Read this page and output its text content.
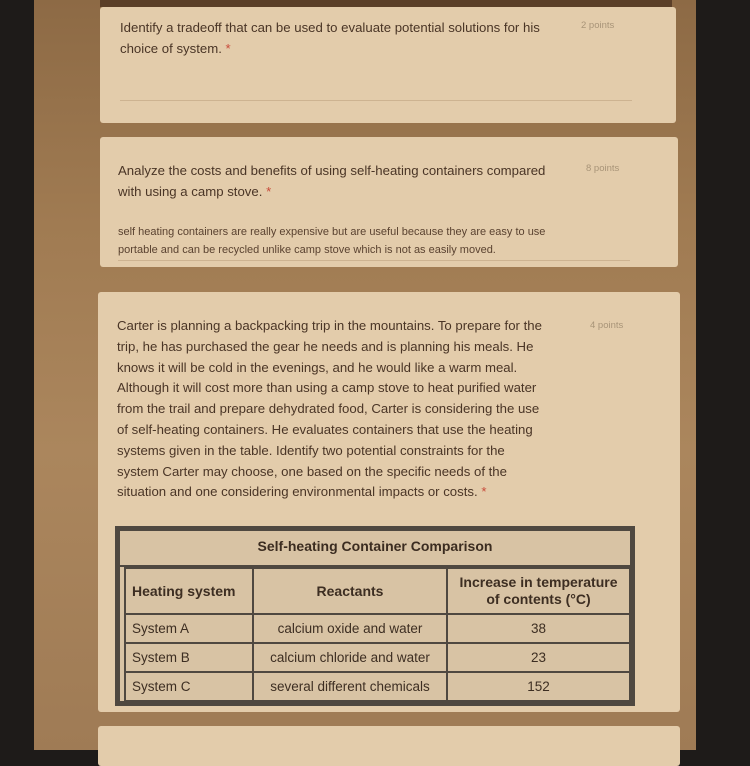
Identify a tradeoff that can be used to evaluate potential solutions for his
choice of system. *
2 points
Analyze the costs and benefits of using self-heating containers compared
with using a camp stove. *
8 points
self heating containers are really expensive but are useful because they are easy to use
portable and can be recycled unlike camp stove which is not as easily moved.
Carter is planning a backpacking trip in the mountains. To prepare for the
trip, he has purchased the gear he needs and is planning his meals. He
knows it will be cold in the evenings, and he would like a warm meal.
Although it will cost more than using a camp stove to heat purified water
from the trail and prepare dehydrated food, Carter is considering the use
of self-heating containers. He evaluates containers that use the heating
systems given in the table. Identify two potential constraints for the
system Carter may choose, one based on the specific needs of the
situation and one considering environmental impacts or costs. *
4 points
Self-heating Container Comparison
Heating system	Reactants	Increase in temperature
of contents (°C)

System A	calcium oxide and water	38
System B	calcium chloride and water	23
System C	several different chemicals	152
